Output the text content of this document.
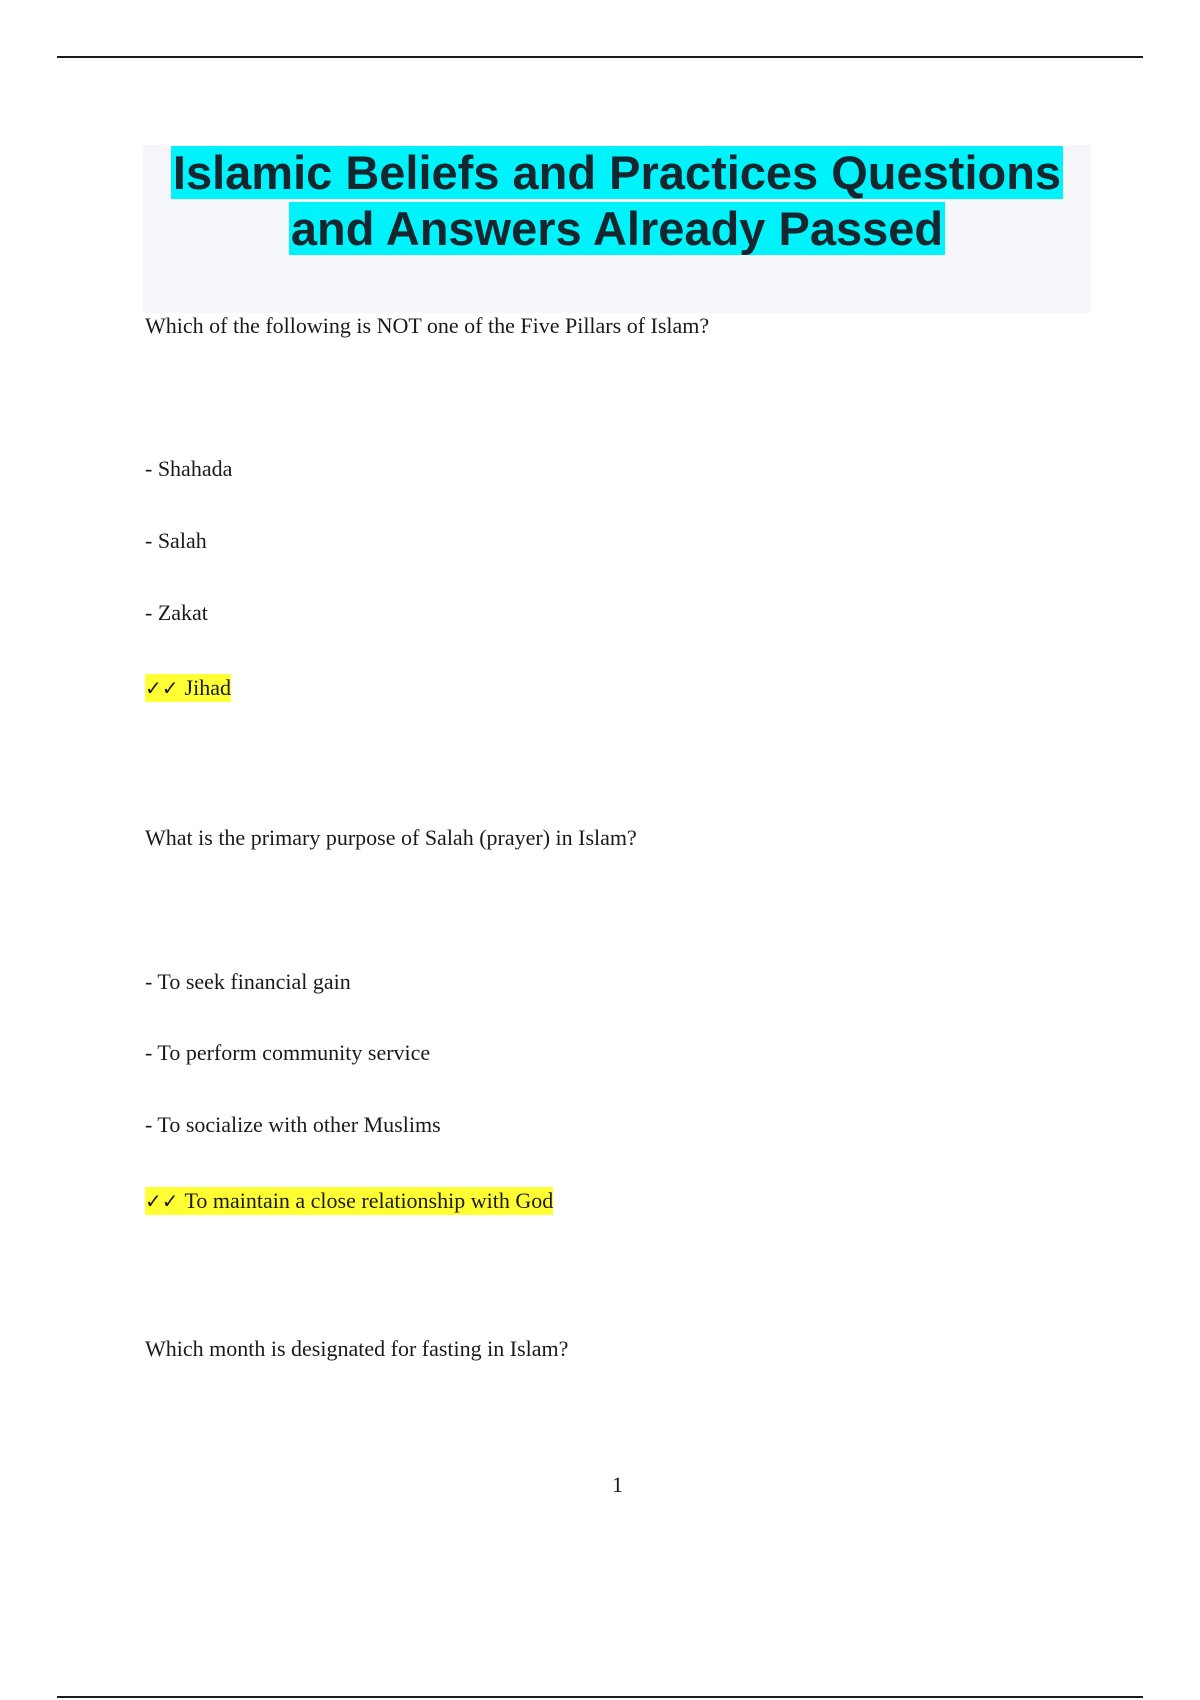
Islamic Beliefs and Practices Questions and Answers Already Passed

Which of the following is NOT one of the Five Pillars of Islam?

- Shahada

- Salah

- Zakat

✓✓ Jihad

What is the primary purpose of Salah (prayer) in Islam?

- To seek financial gain

- To perform community service

- To socialize with other Muslims

✓✓ To maintain a close relationship with God

Which month is designated for fasting in Islam?

1
